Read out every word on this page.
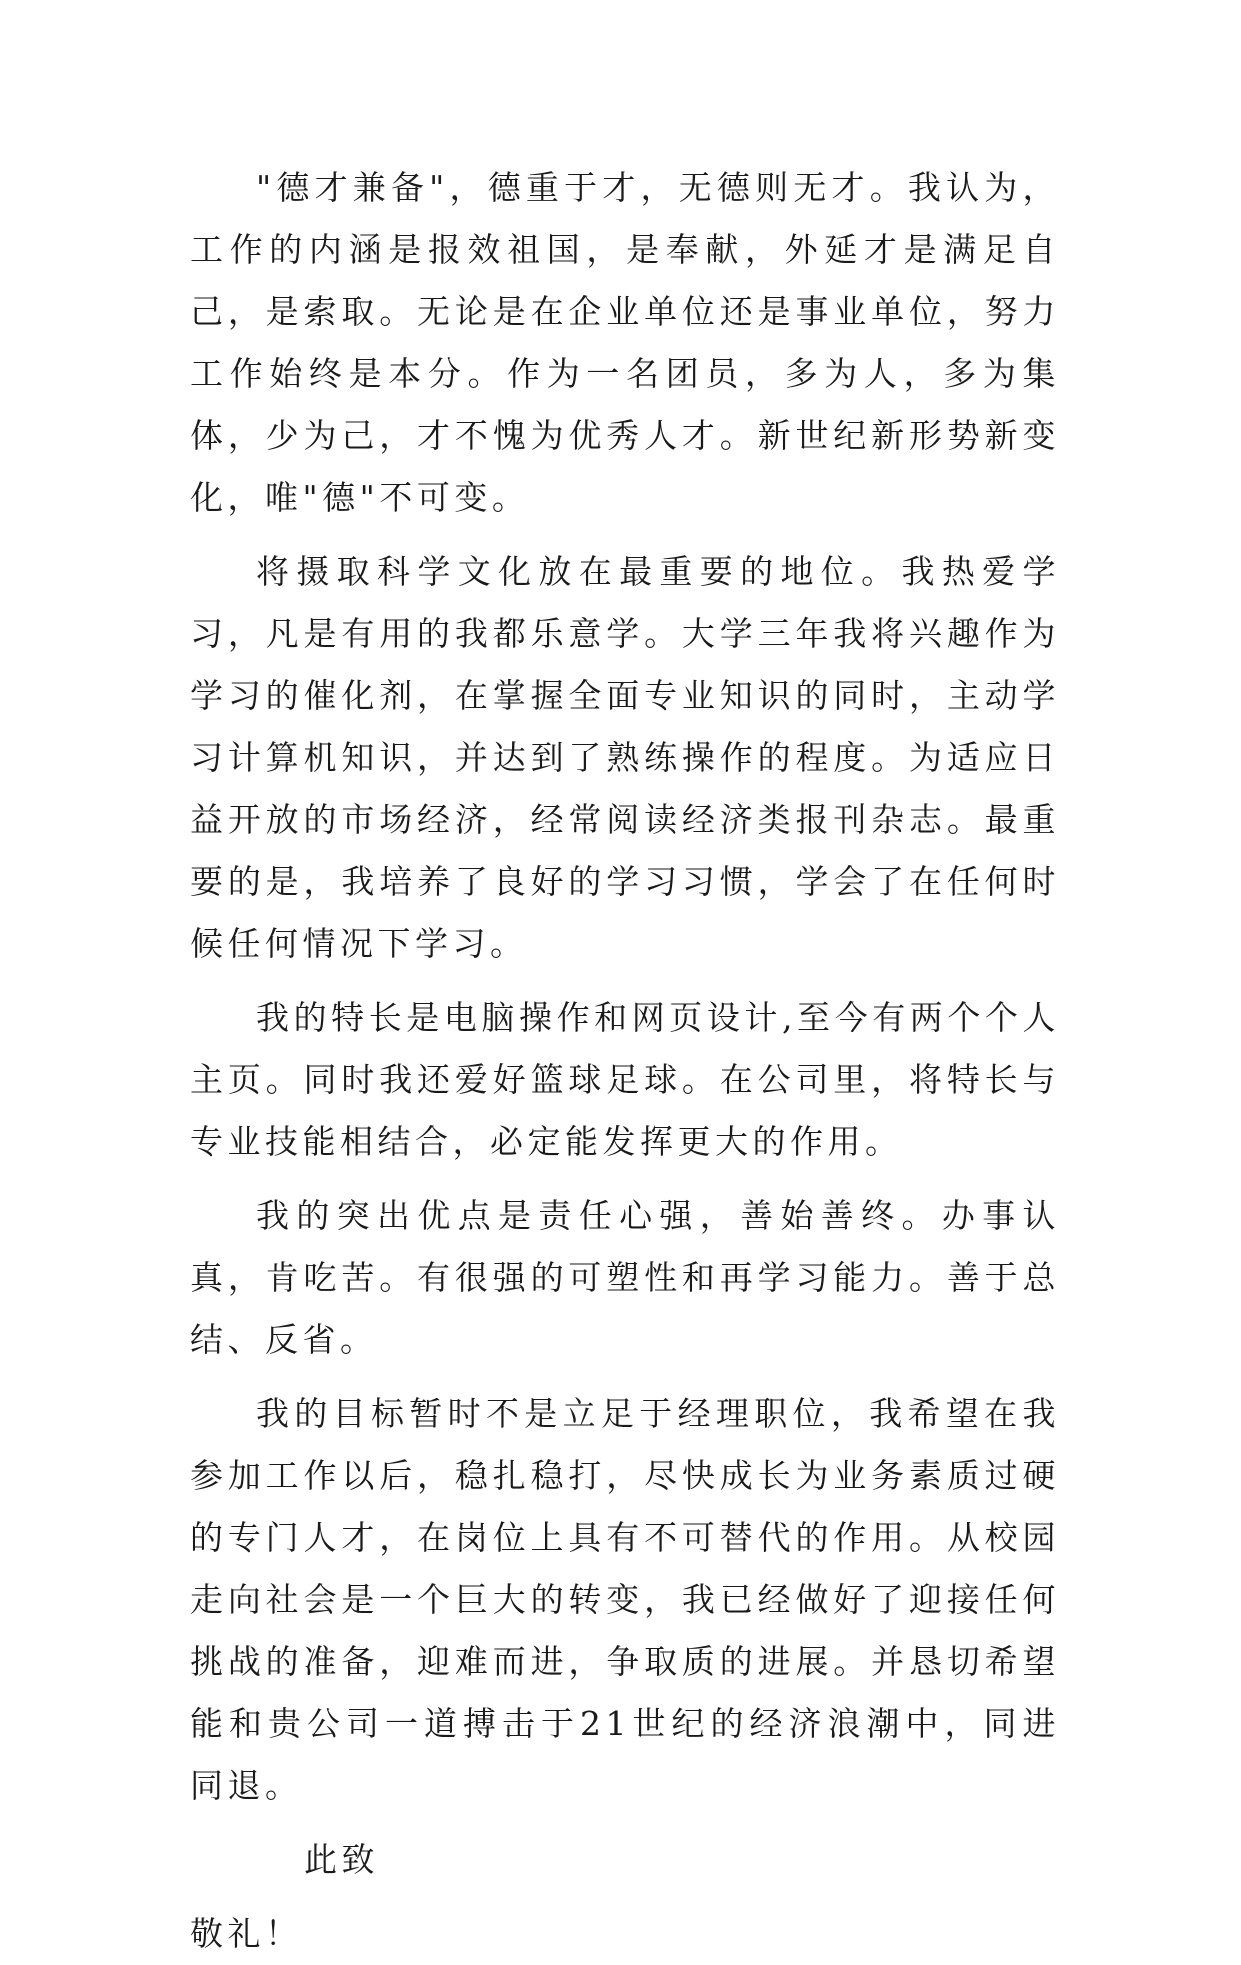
"德才兼备"，德重于才，无德则无才。我认为，工作的内涵是报效祖国，是奉献，外延才是满足自己，是索取。无论是在企业单位还是事业单位，努力工作始终是本分。作为一名团员，多为人，多为集体，少为己，才不愧为优秀人才。新世纪新形势新变化，唯"德"不可变。

将摄取科学文化放在最重要的地位。我热爱学习，凡是有用的我都乐意学。大学三年我将兴趣作为学习的催化剂，在掌握全面专业知识的同时，主动学习计算机知识，并达到了熟练操作的程度。为适应日益开放的市场经济，经常阅读经济类报刊杂志。最重要的是，我培养了良好的学习习惯，学会了在任何时候任何情况下学习。

我的特长是电脑操作和网页设计,至今有两个个人主页。同时我还爱好篮球足球。在公司里，将特长与专业技能相结合，必定能发挥更大的作用。

我的突出优点是责任心强，善始善终。办事认真，肯吃苦。有很强的可塑性和再学习能力。善于总结、反省。

我的目标暂时不是立足于经理职位，我希望在我参加工作以后，稳扎稳打，尽快成长为业务素质过硬的专门人才，在岗位上具有不可替代的作用。从校园走向社会是一个巨大的转变，我已经做好了迎接任何挑战的准备，迎难而进，争取质的进展。并恳切希望能和贵公司一道搏击于21世纪的经济浪潮中，同进同退。

此致

敬礼！
